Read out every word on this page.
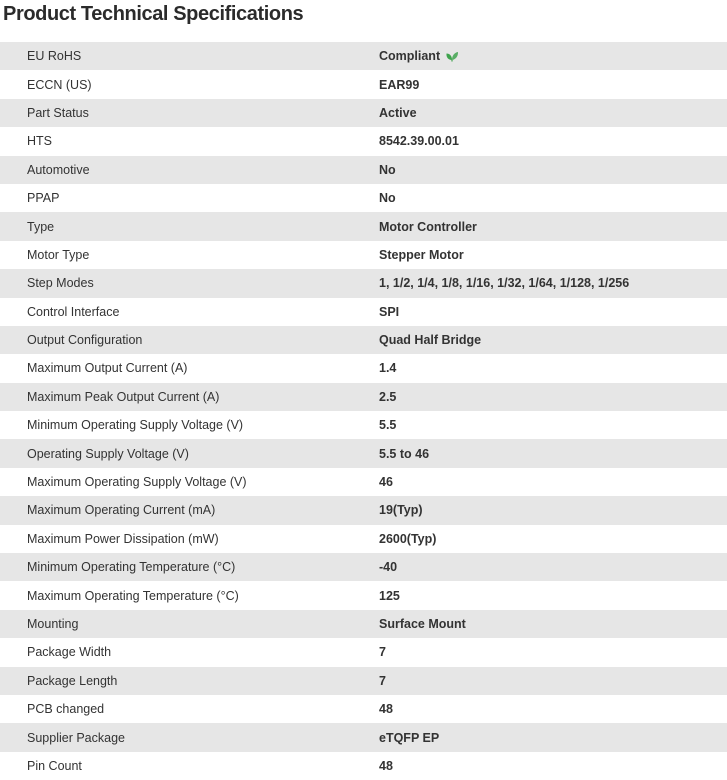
Product Technical Specifications
EU RoHS	Compliant
ECCN (US)	EAR99
Part Status	Active
HTS	8542.39.00.01
Automotive	No
PPAP	No
Type	Motor Controller
Motor Type	Stepper Motor
Step Modes	1, 1/2, 1/4, 1/8, 1/16, 1/32, 1/64, 1/128, 1/256
Control Interface	SPI
Output Configuration	Quad Half Bridge
Maximum Output Current (A)	1.4
Maximum Peak Output Current (A)	2.5
Minimum Operating Supply Voltage (V)	5.5
Operating Supply Voltage (V)	5.5 to 46
Maximum Operating Supply Voltage (V)	46
Maximum Operating Current (mA)	19(Typ)
Maximum Power Dissipation (mW)	2600(Typ)
Minimum Operating Temperature (°C)	-40
Maximum Operating Temperature (°C)	125
Mounting	Surface Mount
Package Width	7
Package Length	7
PCB changed	48
Supplier Package	eTQFP EP
Pin Count	48
